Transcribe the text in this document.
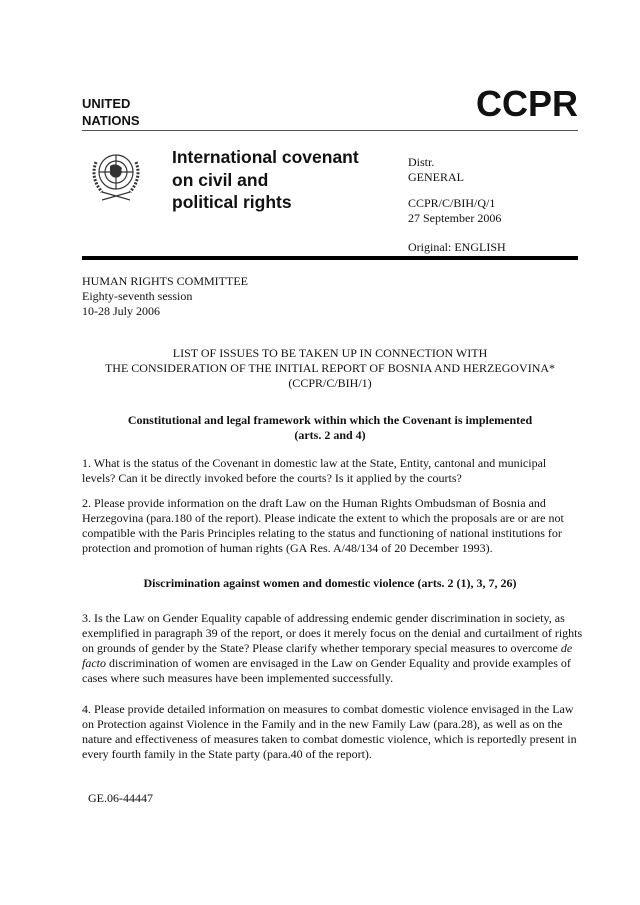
UNITED
NATIONS	CCPR
International covenant
on civil and
political rights
Distr.
GENERAL
CCPR/C/BIH/Q/1
27 September 2006
Original: ENGLISH
HUMAN RIGHTS COMMITTEE
Eighty-seventh session
10-28 July 2006
LIST OF ISSUES TO BE TAKEN UP IN CONNECTION WITH
THE CONSIDERATION OF THE INITIAL REPORT OF BOSNIA AND HERZEGOVINA*
(CCPR/C/BIH/1)
Constitutional and legal framework within which the Covenant is implemented
(arts. 2 and 4)
1. What is the status of the Covenant in domestic law at the State, Entity, cantonal and municipal
levels? Can it be directly invoked before the courts? Is it applied by the courts?
2. Please provide information on the draft Law on the Human Rights Ombudsman of Bosnia and
Herzegovina (para.180 of the report). Please indicate the extent to which the proposals are or are not
compatible with the Paris Principles relating to the status and functioning of national institutions for
protection and promotion of human rights (GA Res. A/48/134 of 20 December 1993).
Discrimination against women and domestic violence (arts. 2 (1), 3, 7, 26)
3. Is the Law on Gender Equality capable of addressing endemic gender discrimination in society, as
exemplified in paragraph 39 of the report, or does it merely focus on the denial and curtailment of rights
on grounds of gender by the State? Please clarify whether temporary special measures to overcome de
facto discrimination of women are envisaged in the Law on Gender Equality and provide examples of
cases where such measures have been implemented successfully.
4. Please provide detailed information on measures to combat domestic violence envisaged in the Law
on Protection against Violence in the Family and in the new Family Law (para.28), as well as on the
nature and effectiveness of measures taken to combat domestic violence, which is reportedly present in
every fourth family in the State party (para.40 of the report).
GE.06-44447
